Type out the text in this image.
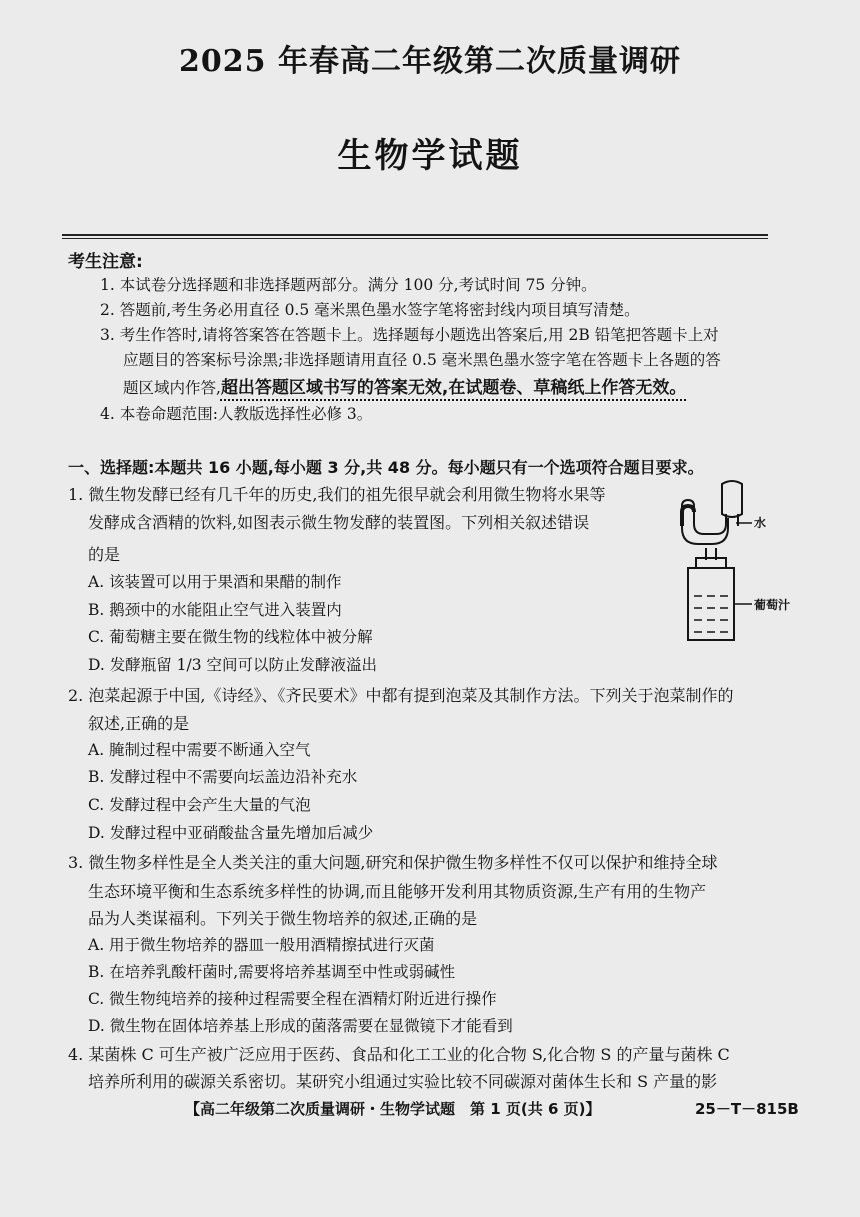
2025 年春高二年级第二次质量调研
生物学试题
考生注意:
1. 本试卷分选择题和非选择题两部分。满分 100 分,考试时间 75 分钟。
2. 答题前,考生务必用直径 0.5 毫米黑色墨水签字笔将密封线内项目填写清楚。
3. 考生作答时,请将答案答在答题卡上。选择题每小题选出答案后,用 2B 铅笔把答题卡上对
应题目的答案标号涂黑;非选择题请用直径 0.5 毫米黑色墨水签字笔在答题卡上各题的答
题区域内作答,超出答题区域书写的答案无效,在试题卷、草稿纸上作答无效。
4. 本卷命题范围:人教版选择性必修 3。
一、选择题:本题共 16 小题,每小题 3 分,共 48 分。每小题只有一个选项符合题目要求。
1. 微生物发酵已经有几千年的历史,我们的祖先很早就会利用微生物将水果等
发酵成含酒精的饮料,如图表示微生物发酵的装置图。下列相关叙述错误
的是
A. 该装置可以用于果酒和果醋的制作
B. 鹅颈中的水能阻止空气进入装置内
C. 葡萄糖主要在微生物的线粒体中被分解
D. 发酵瓶留 1/3 空间可以防止发酵液溢出
水
葡萄汁
2. 泡菜起源于中国,《诗经》、《齐民要术》中都有提到泡菜及其制作方法。下列关于泡菜制作的
叙述,正确的是
A. 腌制过程中需要不断通入空气
B. 发酵过程中不需要向坛盖边沿补充水
C. 发酵过程中会产生大量的气泡
D. 发酵过程中亚硝酸盐含量先增加后减少
3. 微生物多样性是全人类关注的重大问题,研究和保护微生物多样性不仅可以保护和维持全球
生态环境平衡和生态系统多样性的协调,而且能够开发利用其物质资源,生产有用的生物产
品为人类谋福利。下列关于微生物培养的叙述,正确的是
A. 用于微生物培养的器皿一般用酒精擦拭进行灭菌
B. 在培养乳酸杆菌时,需要将培养基调至中性或弱碱性
C. 微生物纯培养的接种过程需要全程在酒精灯附近进行操作
D. 微生物在固体培养基上形成的菌落需要在显微镜下才能看到
4. 某菌株 C 可生产被广泛应用于医药、食品和化工工业的化合物 S,化合物 S 的产量与菌株 C
培养所利用的碳源关系密切。某研究小组通过实验比较不同碳源对菌体生长和 S 产量的影
【高二年级第二次质量调研・生物学试题　第 1 页(共 6 页)】	25－T－815B
